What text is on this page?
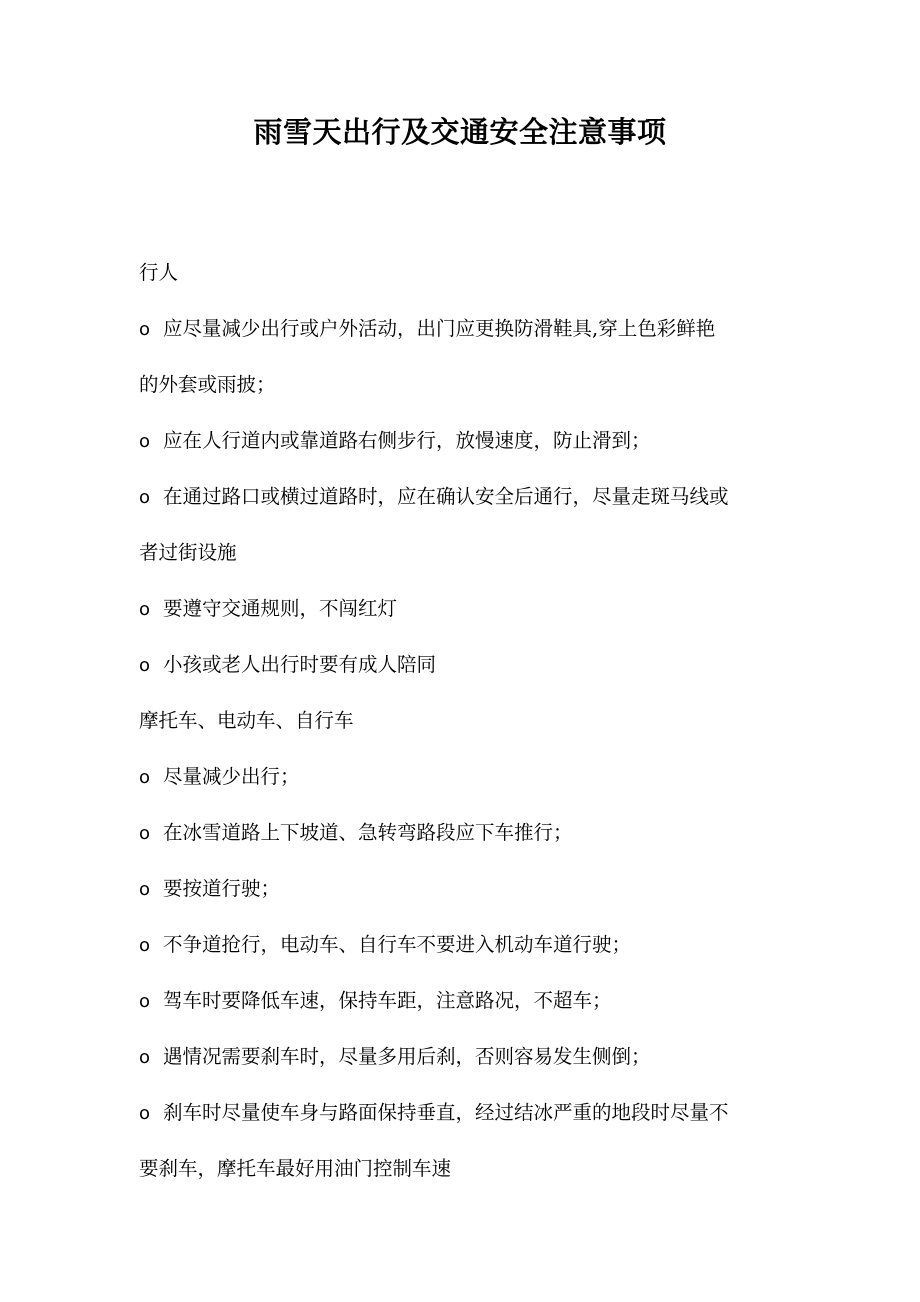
雨雪天出行及交通安全注意事项
行人
o 应尽量减少出行或户外活动，出门应更换防滑鞋具,穿上色彩鲜艳
的外套或雨披；
o 应在人行道内或靠道路右侧步行，放慢速度，防止滑到；
o 在通过路口或横过道路时，应在确认安全后通行，尽量走斑马线或
者过街设施
o 要遵守交通规则，不闯红灯
o 小孩或老人出行时要有成人陪同
摩托车、电动车、自行车
o 尽量减少出行；
o 在冰雪道路上下坡道、急转弯路段应下车推行；
o 要按道行驶；
o 不争道抢行，电动车、自行车不要进入机动车道行驶；
o 驾车时要降低车速，保持车距，注意路况，不超车；
o 遇情况需要刹车时，尽量多用后刹，否则容易发生侧倒；
o 刹车时尽量使车身与路面保持垂直，经过结冰严重的地段时尽量不
要刹车，摩托车最好用油门控制车速
